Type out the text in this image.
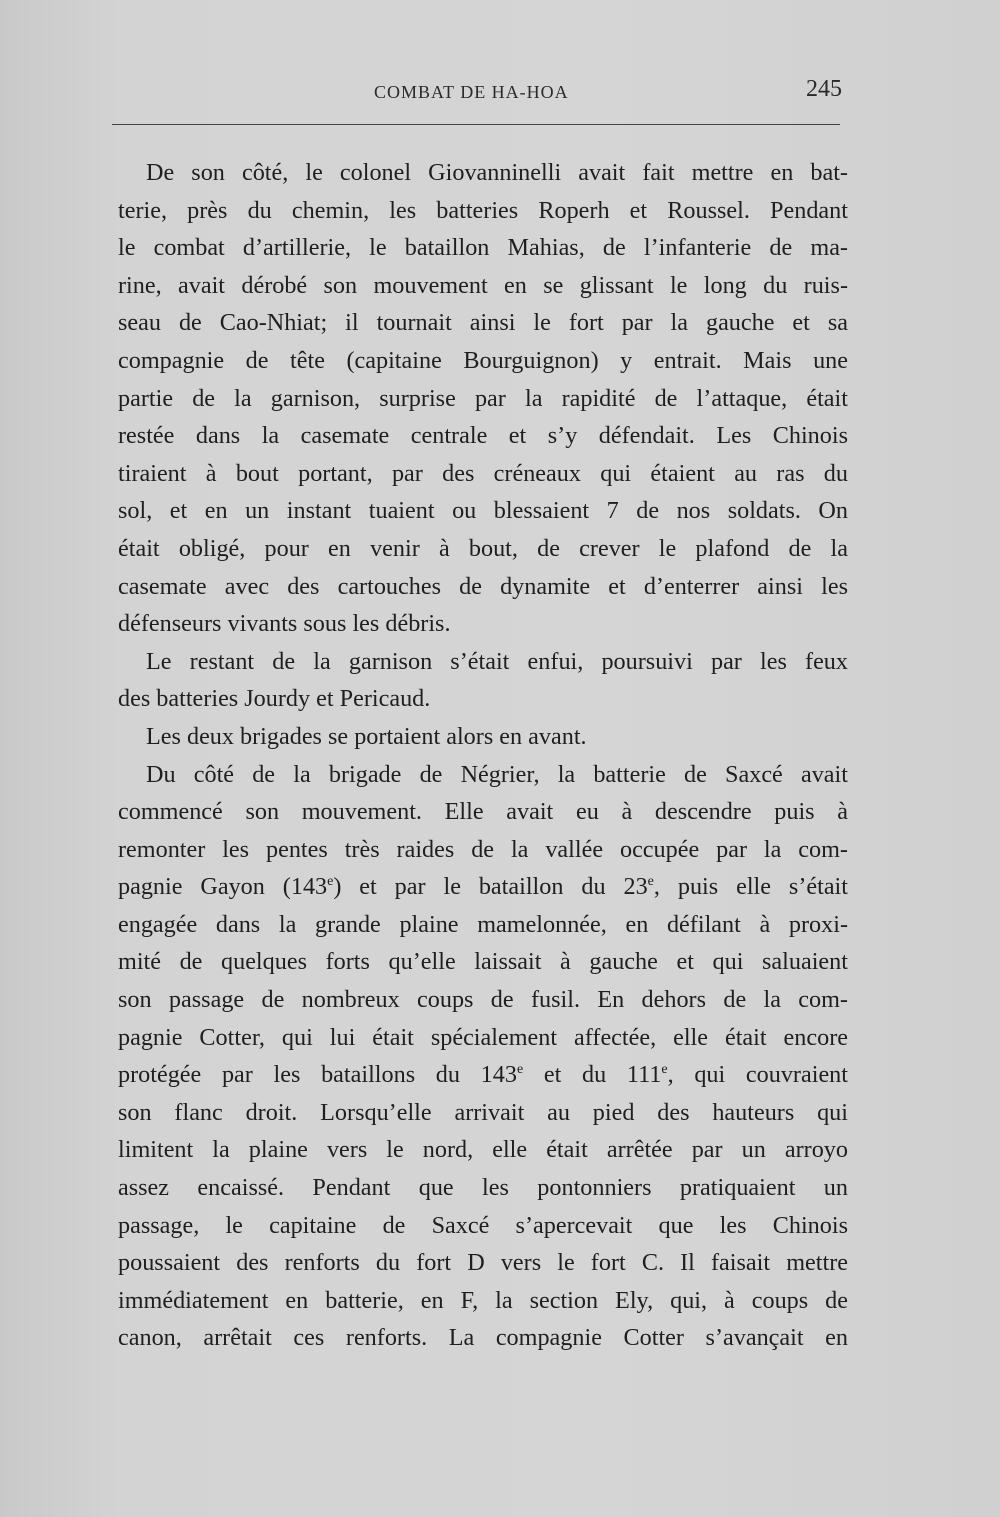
COMBAT DE HA-HOA	245
De son côté, le colonel Giovanninelli avait fait mettre en bat-
terie, près du chemin, les batteries Roperh et Roussel. Pendant
le combat d’artillerie, le bataillon Mahias, de l’infanterie de ma-
rine, avait dérobé son mouvement en se glissant le long du ruis-
seau de Cao-Nhiat; il tournait ainsi le fort par la gauche et sa
compagnie de tête (capitaine Bourguignon) y entrait. Mais une
partie de la garnison, surprise par la rapidité de l’attaque, était
restée dans la casemate centrale et s’y défendait. Les Chinois
tiraient à bout portant, par des créneaux qui étaient au ras du
sol, et en un instant tuaient ou blessaient 7 de nos soldats. On
était obligé, pour en venir à bout, de crever le plafond de la
casemate avec des cartouches de dynamite et d’enterrer ainsi les
défenseurs vivants sous les débris.
Le restant de la garnison s’était enfui, poursuivi par les feux
des batteries Jourdy et Pericaud.
Les deux brigades se portaient alors en avant.
Du côté de la brigade de Négrier, la batterie de Saxcé avait
commencé son mouvement. Elle avait eu à descendre puis à
remonter les pentes très raides de la vallée occupée par la com-
pagnie Gayon (143e) et par le bataillon du 23e, puis elle s’était
engagée dans la grande plaine mamelonnée, en défilant à proxi-
mité de quelques forts qu’elle laissait à gauche et qui saluaient
son passage de nombreux coups de fusil. En dehors de la com-
pagnie Cotter, qui lui était spécialement affectée, elle était encore
protégée par les bataillons du 143e et du 111e, qui couvraient
son flanc droit. Lorsqu’elle arrivait au pied des hauteurs qui
limitent la plaine vers le nord, elle était arrêtée par un arroyo
assez encaissé. Pendant que les pontonniers pratiquaient un
passage, le capitaine de Saxcé s’apercevait que les Chinois
poussaient des renforts du fort D vers le fort C. Il faisait mettre
immédiatement en batterie, en F, la section Ely, qui, à coups de
canon, arrêtait ces renforts. La compagnie Cotter s’avançait en
